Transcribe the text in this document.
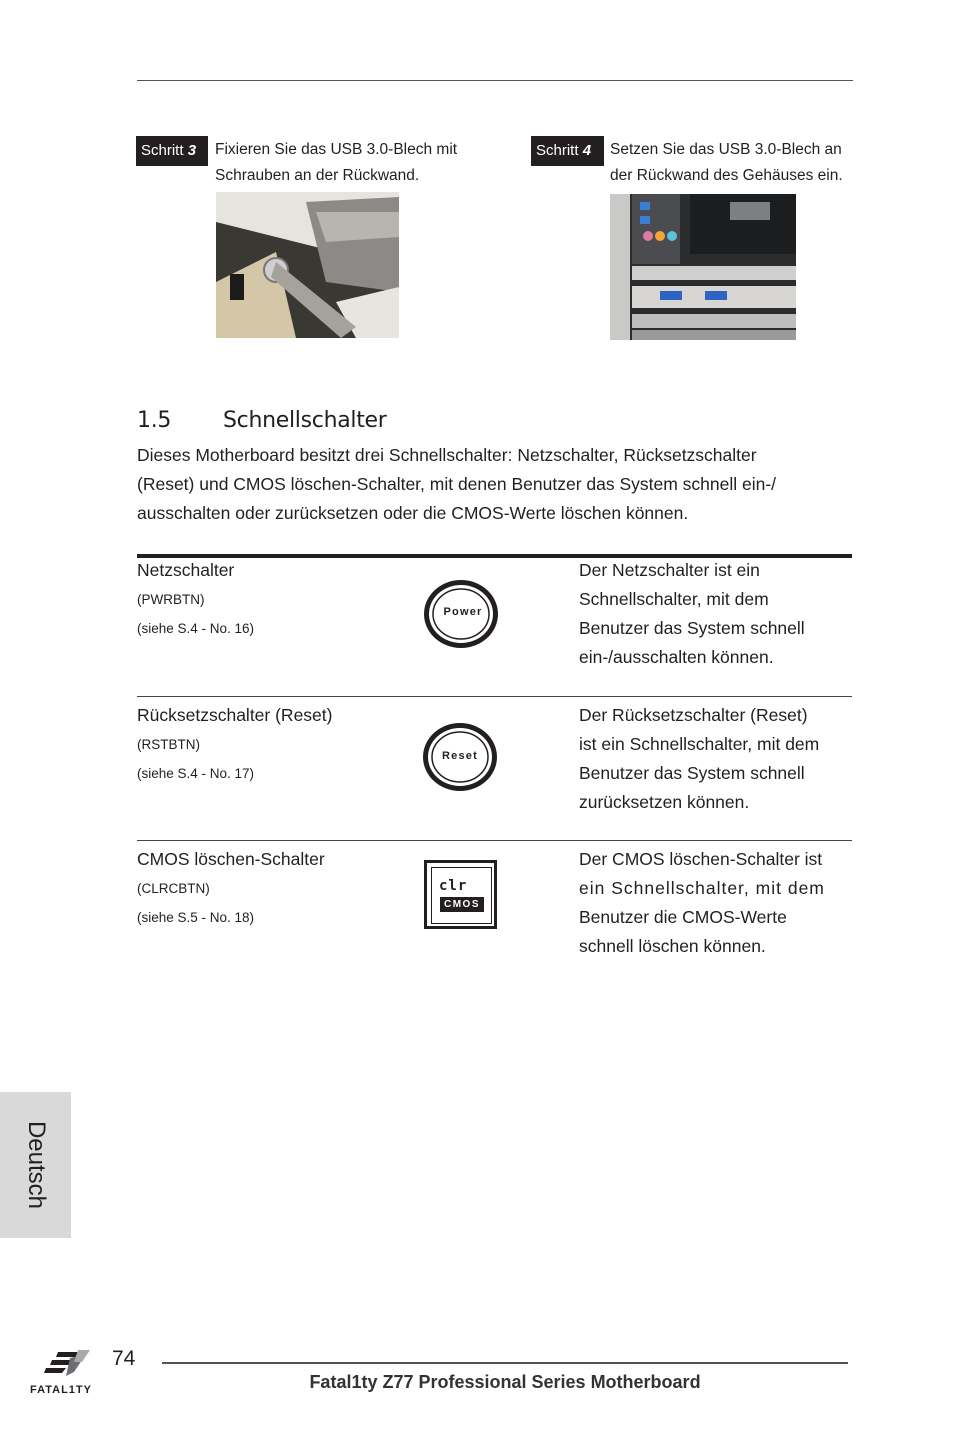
Schritt 3	Fixieren Sie das USB 3.0-Blech mit
Schrauben an der Rückwand.
Schritt 4	Setzen Sie das USB 3.0-Blech an
der Rückwand des Gehäuses ein.
1.5 Schnellschalter
Dieses Motherboard besitzt drei Schnellschalter: Netzschalter, Rücksetzschalter
(Reset) und CMOS löschen-Schalter, mit denen Benutzer das System schnell ein-/
ausschalten oder zurücksetzen oder die CMOS-Werte löschen können.
Netzschalter
(PWRBTN)
(siehe S.4 - No. 16)
Power
Der Netzschalter ist ein
Schnellschalter, mit dem
Benutzer das System schnell
ein-/ausschalten können.
Rücksetzschalter (Reset)
(RSTBTN)
(siehe S.4 - No. 17)
Reset
Der Rücksetzschalter (Reset)
ist ein Schnellschalter, mit dem
Benutzer das System schnell
zurücksetzen können.
CMOS löschen-Schalter
(CLRCBTN)
(siehe S.5 - No. 18)
clr
CMOS
Der CMOS löschen-Schalter ist
ein Schnellschalter, mit dem
Benutzer die CMOS-Werte
schnell löschen können.
Deutsch
FATAL1TY
74
Fatal1ty Z77 Professional Series Motherboard
